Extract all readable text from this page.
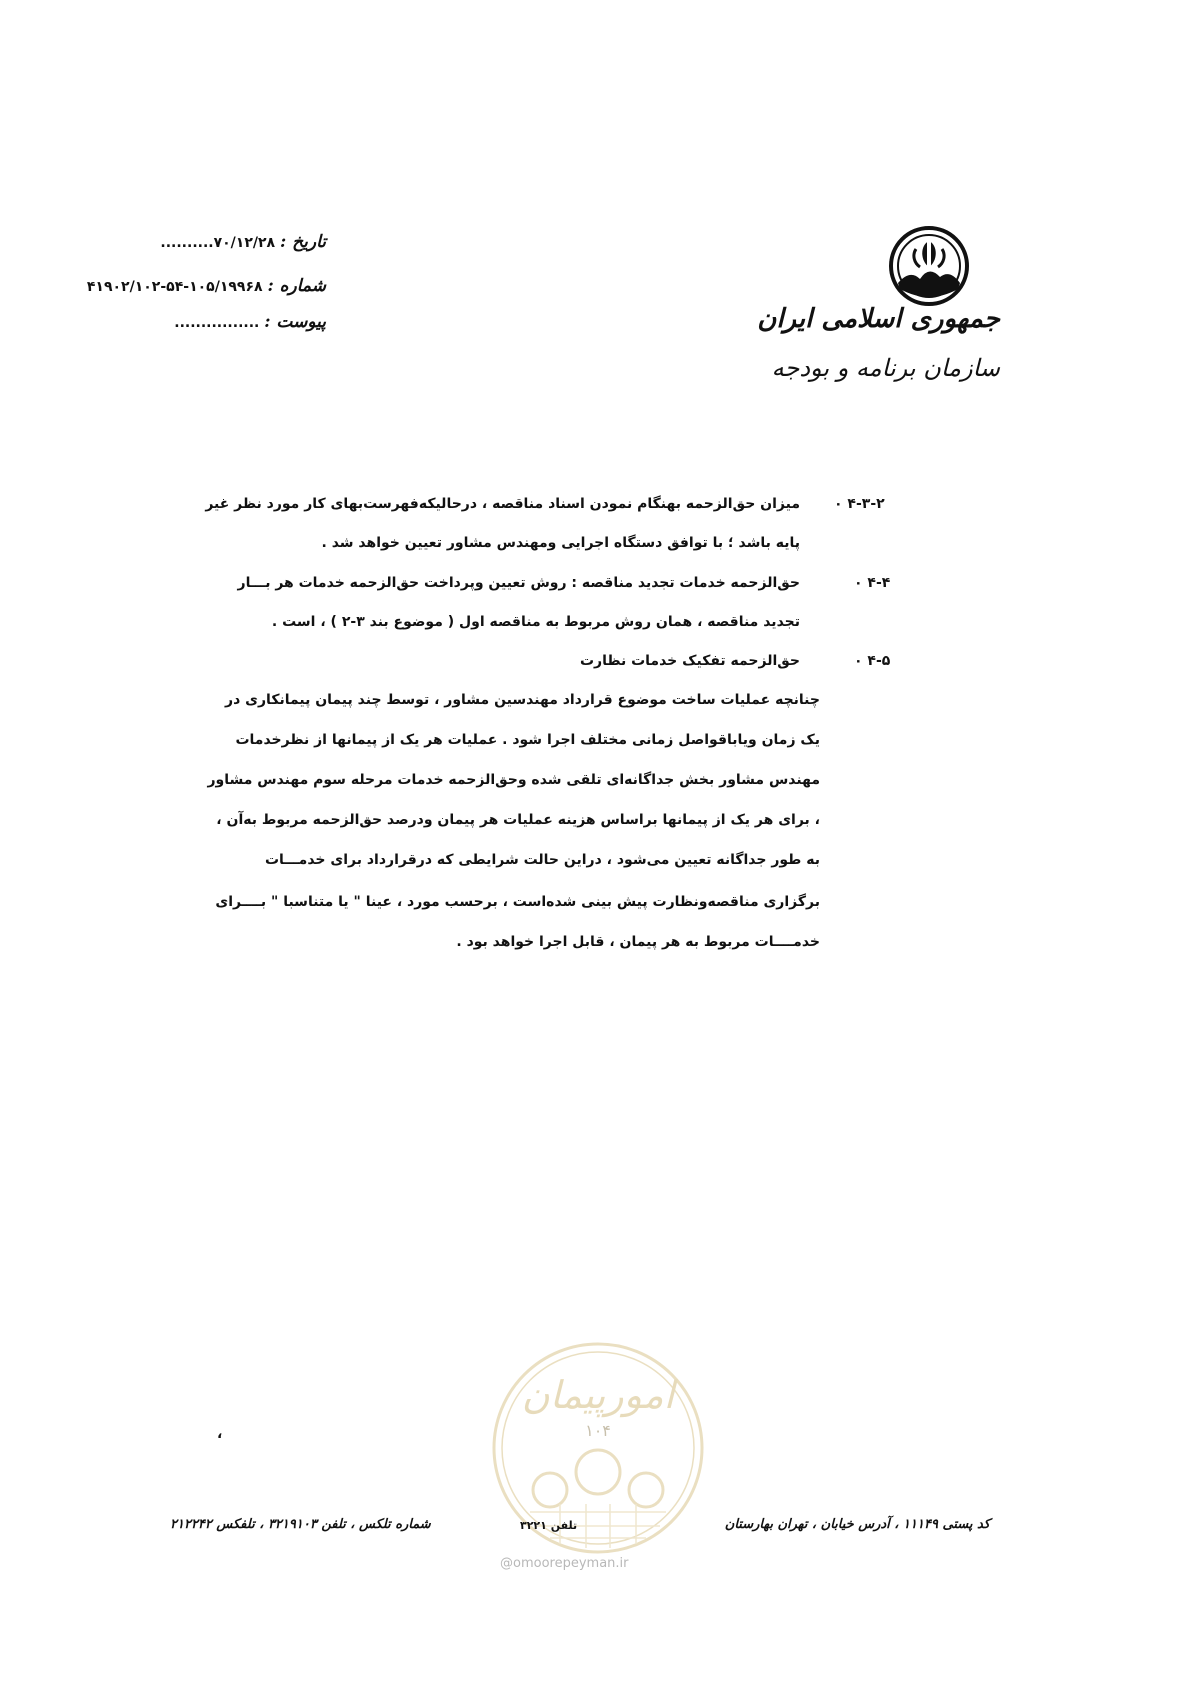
جمهوری اسلامی ایران
سازمان برنامه و بودجه
تاریخ : ۷۰/۱۲/۲۸..........
شماره : ۱۰۵/۱۹۹۶۸-۵۴-۴۱۹۰۲/۱۰۲
پیوست : ................
۴-۳-۲ ۰
میزان حق‌الزحمه بهنگام نمودن اسناد مناقصه ، درحالیکه‌فهرست‌بهای کار مورد نظر غیر
پایه باشد ؛ با توافق دستگاه اجرایی ومهندس مشاور تعیین خواهد شد .
۴-۴ ۰
حق‌الزحمه خدمات تجدید مناقصه : روش تعیین وپرداخت حق‌الزحمه خدمات هر بـــار
تجدید مناقصه ، همان روش مربوط به مناقصه اول ( موضوع بند ۳-۲ ) ، است .
۴-۵ ۰
حق‌الزحمه تفکیک خدمات نظارت
چنانچه عملیات ساخت موضوع قرارداد مهندسین مشاور ، توسط چند پیمان پیمانکاری در
یک زمان ویاباقواصل زمانی مختلف اجرا شود . عملیات هر یک از پیمانها از نظرخدمات
مهندس مشاور بخش جداگانه‌ای تلقی شده وحق‌الزحمه خدمات مرحله سوم مهندس مشاور
، برای هر یک از پیمانها براساس هزینه عملیات هر پیمان ودرصد حق‌الزحمه مربوط به‌آن ،
به طور جداگانه تعیین می‌شود ، دراین حالت شرایطی که درقرارداد برای خدمـــات
برگزاری مناقصه‌ونظارت پیش بینی شده‌است ، برحسب مورد ، عینا " یا متناسبا " بــــرای
خدمــــات مربوط به هر پیمان ، قابل اجرا خواهد بود .
،
امورپیمان
۱۰۴
@omoorepeyman.ir
کد پستی ۱۱۱۴۹ ، آدرس خیابان ، تهران بهارستان
شماره تلکس ، تلفن ۳۲۱۹۱۰۳ ، تلفکس ۲۱۲۲۴۲	تلفن ۳۲۲۱
